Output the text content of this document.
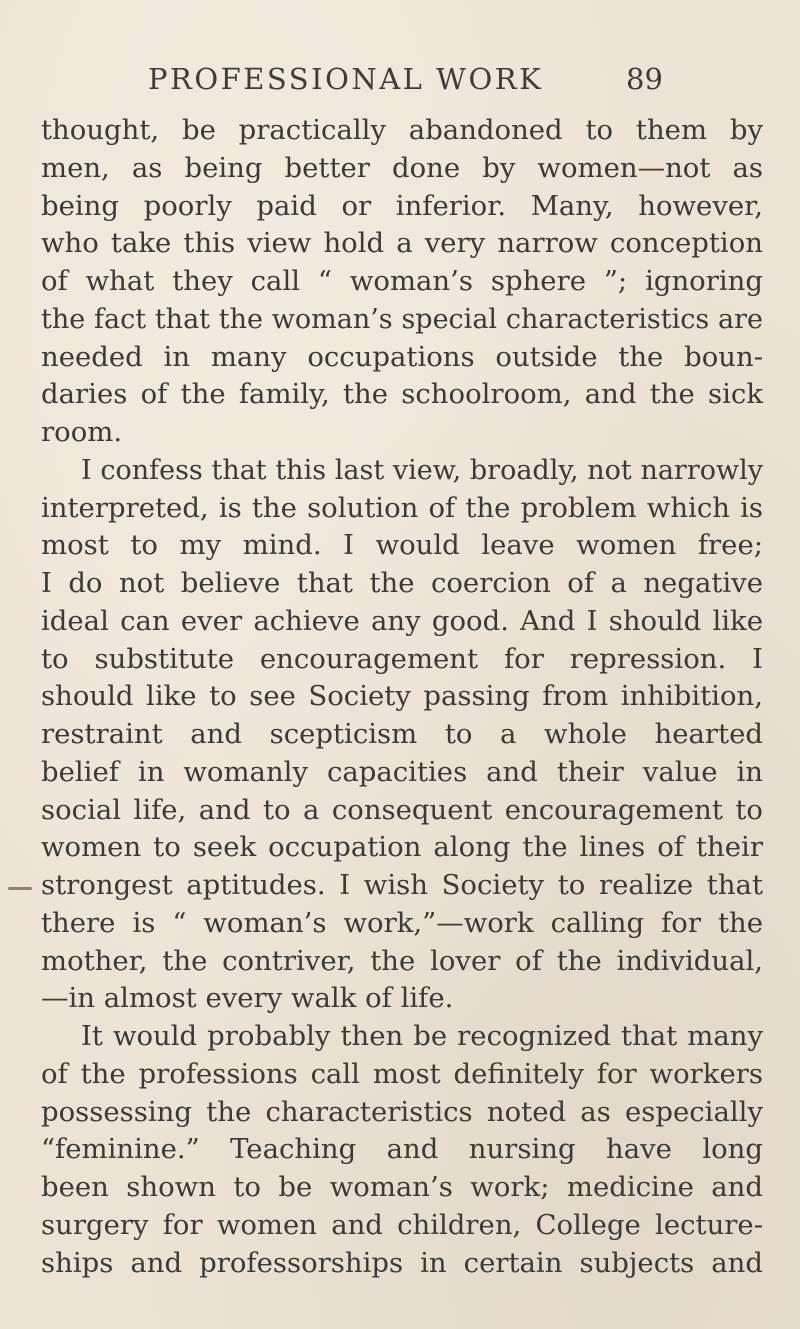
PROFESSIONAL WORK	89
thought, be practically abandoned to them by
men, as being better done by women—not as
being poorly paid or inferior. Many, however,
who take this view hold a very narrow conception
of what they call “ woman’s sphere ”; ignoring
the fact that the woman’s special characteristics are
needed in many occupations outside the boun-
daries of the family, the schoolroom, and the sick
room.
I confess that this last view, broadly, not narrowly
interpreted, is the solution of the problem which is
most to my mind. I would leave women free;
I do not believe that the coercion of a negative
ideal can ever achieve any good. And I should like
to substitute encouragement for repression. I
should like to see Society passing from inhibition,
restraint and scepticism to a whole hearted
belief in womanly capacities and their value in
social life, and to a consequent encouragement to
women to seek occupation along the lines of their
strongest aptitudes. I wish Society to realize that
there is “ woman’s work,”—work calling for the
mother, the contriver, the lover of the individual,
—in almost every walk of life.
It would probably then be recognized that many
of the professions call most definitely for workers
possessing the characteristics noted as especially
“feminine.” Teaching and nursing have long
been shown to be woman’s work; medicine and
surgery for women and children, College lecture-
ships and professorships in certain subjects and
